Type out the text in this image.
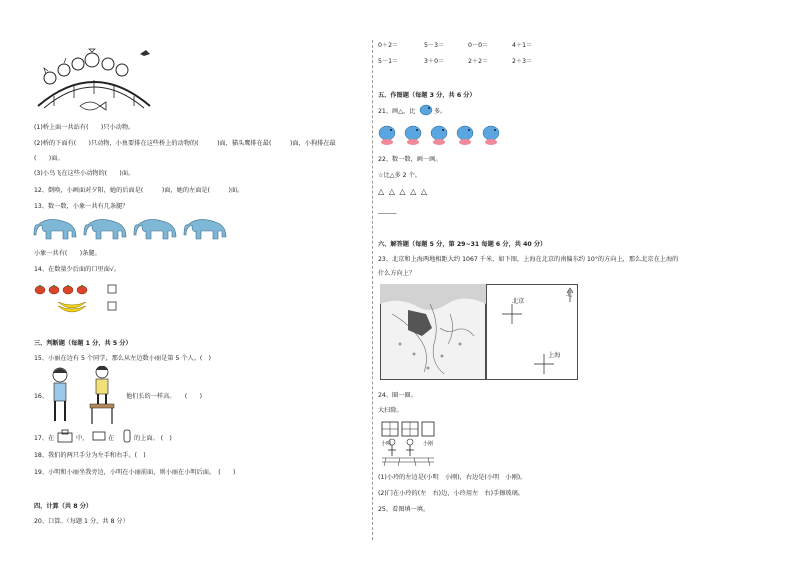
(1)桥上面一共站有(　　)只小动物。
(2)桥的下面有(　　)只动物，小鱼要排在这些桥上的动物的(　　　)面，猫头鹰排在最(　　　)面，小狗排在最
(　　)面。
(3)小鸟飞在这些小动物的(　　)面。
12、倒唤，小画面对夕阳，她的后面是(　　　)面，她的左面是(　　　)面。
13、数一数，小象一共有几条腿？
小象一共有(　　)条腿。
14、在数量少后面的口里面√。
三、判断题（每题 1 分，共 5 分）
15、小丽在边有 5 个同学，那么从左边数小丽是第 5 个人。(　)
16、	他们长的一样高。　　(　　)
17、在	中，	在	的上面。 (　)
18、我们的两只手分为左手和右手。(　)
19、小明和小丽坐我旁边，小明在小丽前面，则小丽在小明后面。　(　　)
四、计算（共 8 分）
20、口算。（每题 1 分，共 8 分）
0＋2＝	5－3＝	0－0＝	4＋1＝
5－1＝	3＋0＝	2＋2＝	2＋3＝
五、作图题（每题 3 分，共 6 分）
21、画△，比	多。
22、数一数，画一画。
☆比△多 2 个。
△ △ △ △ △
______
六、解答题（每题 5 分，第 29~31 每题 6 分，共 40 分）
23、北京和上海两地相距大约 1067 千米，如下图，上海在北京的南偏东约 10°的方向上，那么北京在上海的
什么方向上？
北
北京
上海
24、圈一圈。
大扫除。
小明	小刚
(1)小玲的左边是(小明　小刚)，右边是(小明　小刚)。
(2)门在小玲的(左　右)边，小玲用左　右)手擦玻璃。
25、看图填一填。
